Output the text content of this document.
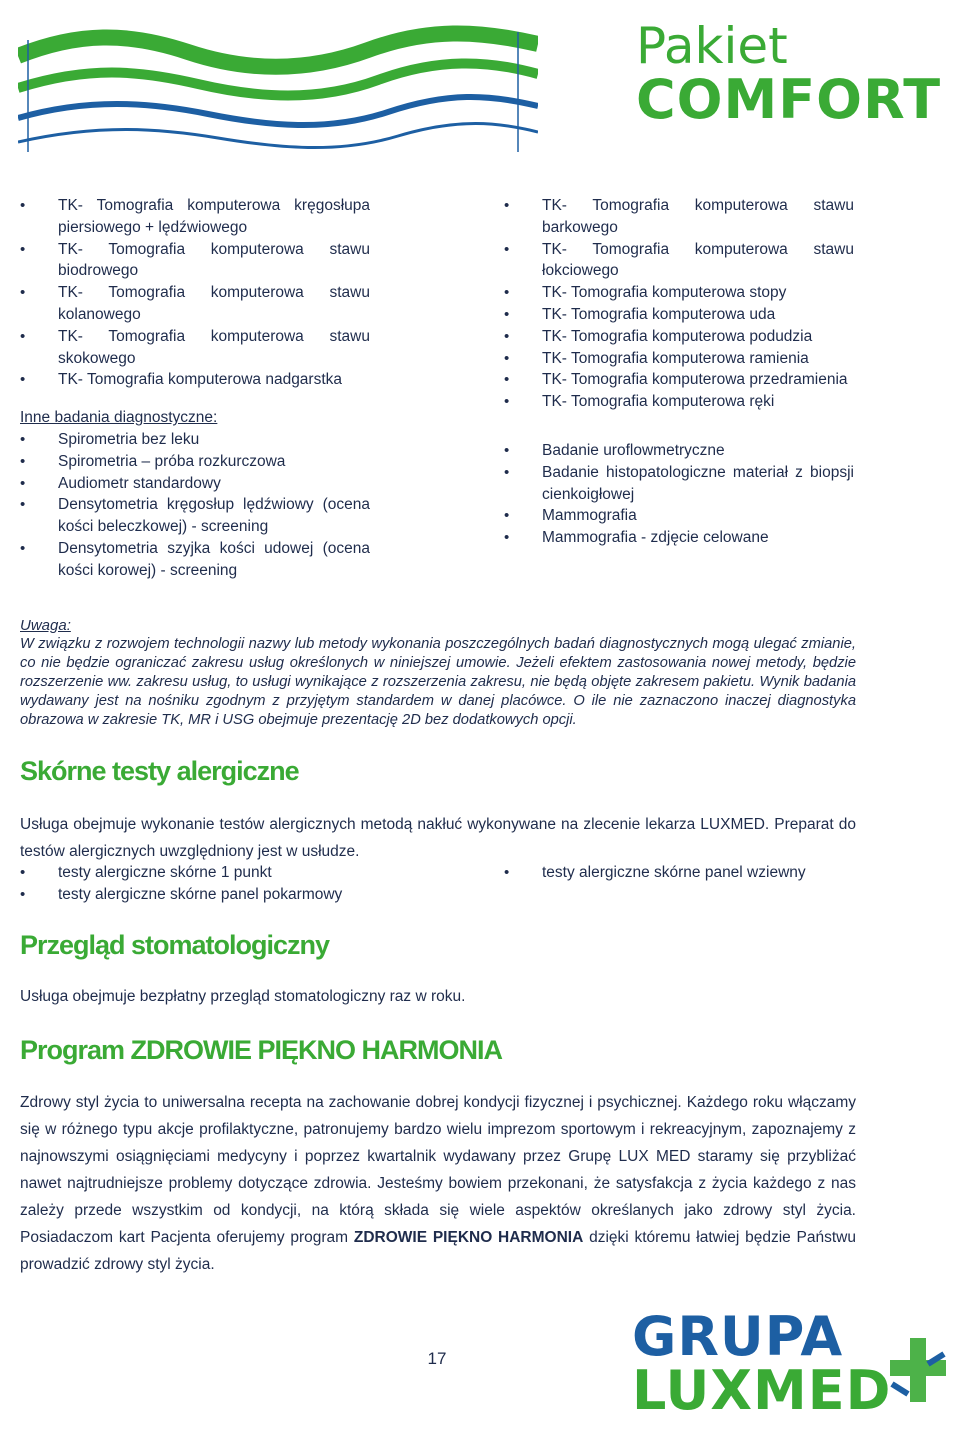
Pakiet
COMFORT
• TK- Tomografia komputerowa kręgosłupa piersiowego + lędźwiowego
• TK- Tomografia komputerowa stawu biodrowego
• TK- Tomografia komputerowa stawu kolanowego
• TK- Tomografia komputerowa stawu skokowego
• TK- Tomografia komputerowa nadgarstka

Inne badania diagnostyczne:

• Spirometria bez leku
• Spirometria – próba rozkurczowa
• Audiometr standardowy
• Densytometria kręgosłup lędźwiowy (ocena kości beleczkowej) - screening
• Densytometria szyjka kości udowej (ocena kości korowej) - screening
• TK- Tomografia komputerowa stawu barkowego
• TK- Tomografia komputerowa stawu łokciowego
• TK- Tomografia komputerowa stopy
• TK- Tomografia komputerowa uda
• TK- Tomografia komputerowa podudzia
• TK- Tomografia komputerowa ramienia
• TK- Tomografia komputerowa przedramienia
• TK- Tomografia komputerowa ręki
• Badanie uroflowmetryczne
• Badanie histopatologiczne materiał z biopsji cienkoigłowej
• Mammografia
• Mammografia - zdjęcie celowane
Uwaga:
W związku z rozwojem technologii nazwy lub metody wykonania poszczególnych badań diagnostycznych mogą ulegać zmianie, co nie będzie ograniczać zakresu usług określonych w niniejszej umowie. Jeżeli efektem zastosowania nowej metody, będzie rozszerzenie ww. zakresu usług, to usługi wynikające z rozszerzenia zakresu, nie będą objęte zakresem pakietu. Wynik badania wydawany jest na nośniku zgodnym z przyjętym standardem w danej placówce. O ile nie zaznaczono inaczej diagnostyka obrazowa w zakresie TK, MR i USG obejmuje prezentację 2D bez dodatkowych opcji.
Skórne testy alergiczne
Usługa obejmuje wykonanie testów alergicznych metodą nakłuć wykonywane na zlecenie lekarza LUXMED. Preparat do testów alergicznych uwzględniony jest w usłudze.
• testy alergiczne skórne 1 punkt
• testy alergiczne skórne panel pokarmowy
• testy alergiczne skórne panel wziewny
Przegląd stomatologiczny
Usługa obejmuje bezpłatny przegląd stomatologiczny raz w roku.
Program ZDROWIE PIĘKNO HARMONIA
Zdrowy styl życia to uniwersalna recepta na zachowanie dobrej kondycji fizycznej i psychicznej. Każdego roku włączamy się w różnego typu akcje profilaktyczne, patronujemy bardzo wielu imprezom sportowym i rekreacyjnym, zapoznajemy z najnowszymi osiągnięciami medycyny i poprzez kwartalnik wydawany przez Grupę LUX MED staramy się przybliżać nawet najtrudniejsze problemy dotyczące zdrowia. Jesteśmy bowiem przekonani, że satysfakcja z życia każdego z nas zależy przede wszystkim od kondycji, na którą składa się wiele aspektów określanych jako zdrowy styl życia. Posiadaczom kart Pacjenta oferujemy program ZDROWIE PIĘKNO HARMONIA dzięki któremu łatwiej będzie Państwu prowadzić zdrowy styl życia.
17	GRUPA
LUXMED
